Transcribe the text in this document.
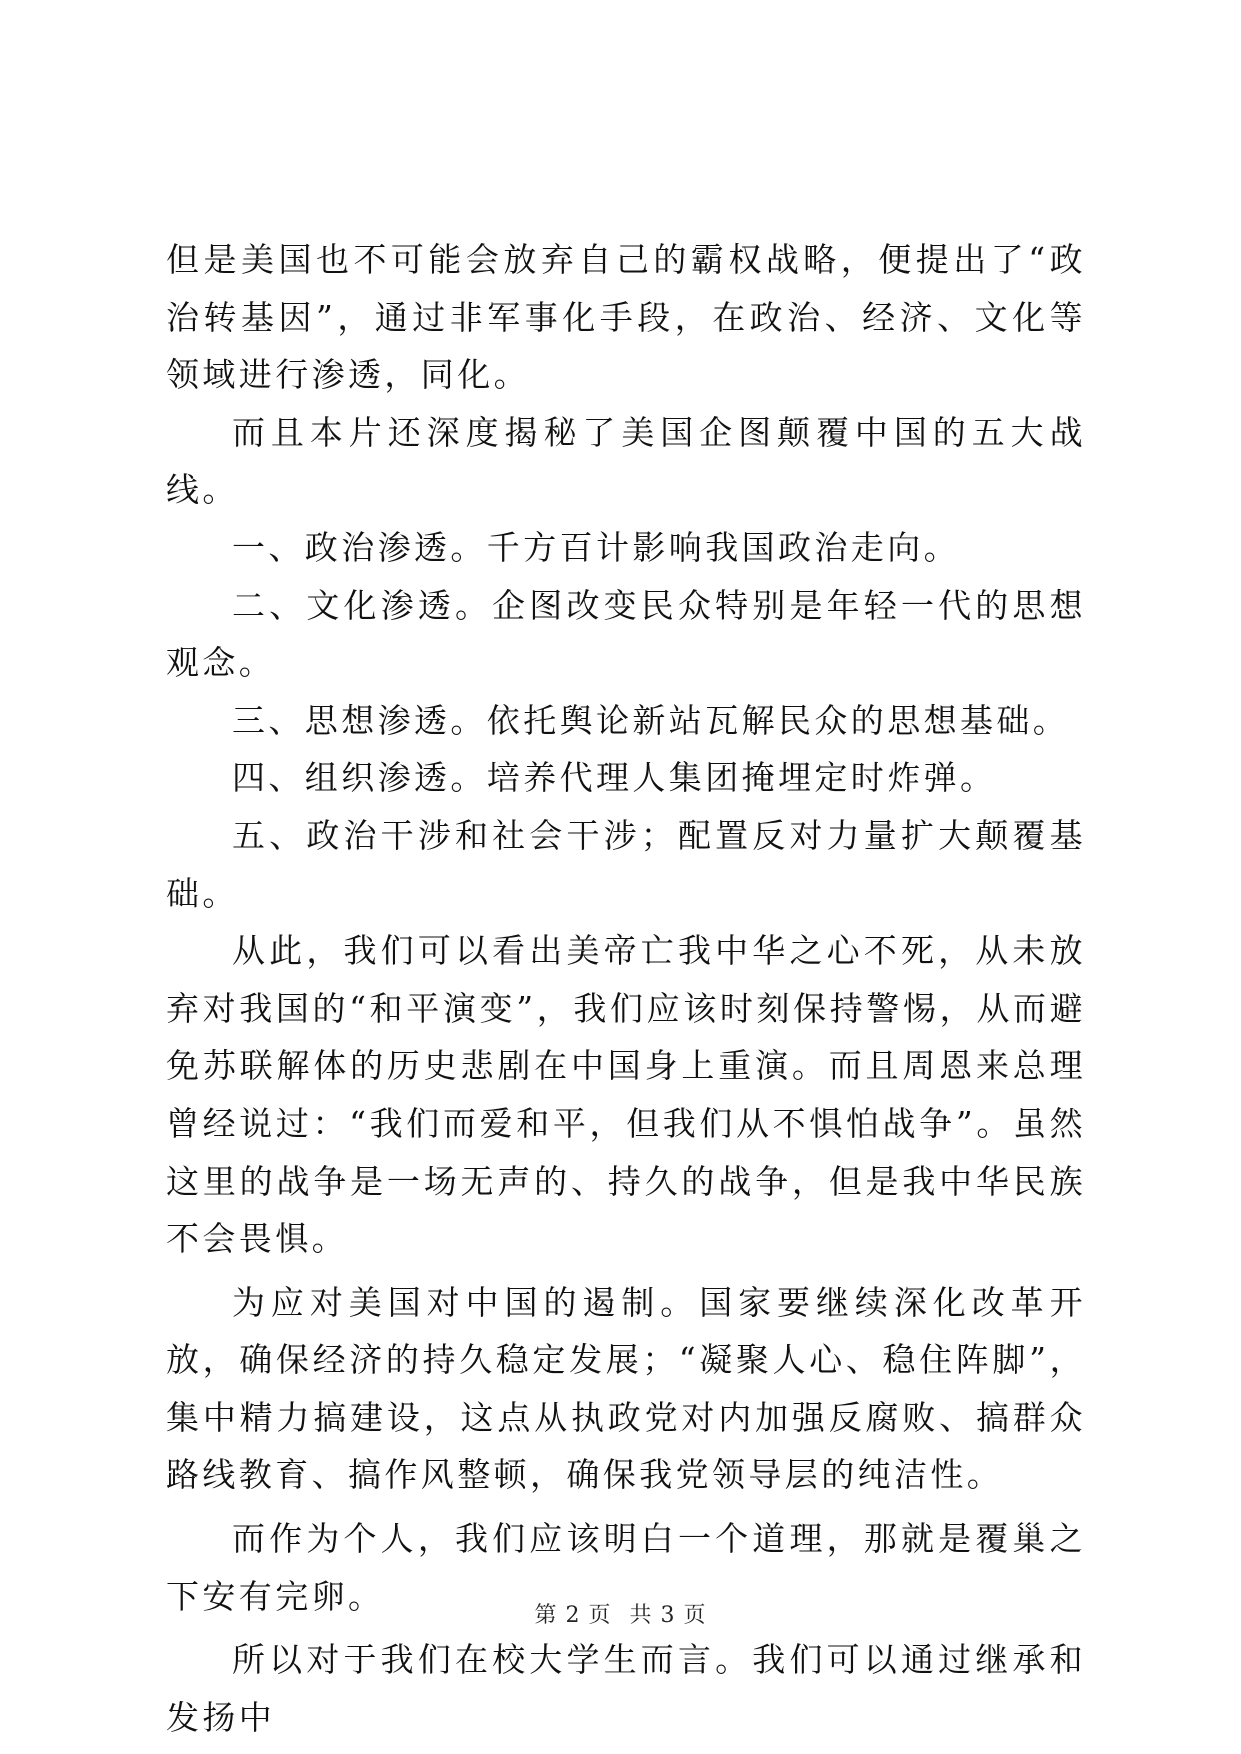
但是美国也不可能会放弃自己的霸权战略，便提出了“政治转基因”，通过非军事化手段，在政治、经济、文化等领域进行渗透，同化。

而且本片还深度揭秘了美国企图颠覆中国的五大战线。

一、政治渗透。千方百计影响我国政治走向。

二、文化渗透。企图改变民众特别是年轻一代的思想观念。

三、思想渗透。依托舆论新站瓦解民众的思想基础。

四、组织渗透。培养代理人集团掩埋定时炸弹。

五、政治干涉和社会干涉；配置反对力量扩大颠覆基础。

从此，我们可以看出美帝亡我中华之心不死，从未放弃对我国的“和平演变”，我们应该时刻保持警惕，从而避免苏联解体的历史悲剧在中国身上重演。而且周恩来总理曾经说过：“我们而爱和平，但我们从不惧怕战争”。虽然这里的战争是一场无声的、持久的战争，但是我中华民族不会畏惧。

为应对美国对中国的遏制。国家要继续深化改革开放，确保经济的持久稳定发展；“凝聚人心、稳住阵脚”，集中精力搞建设，这点从执政党对内加强反腐败、搞群众路线教育、搞作风整顿，确保我党领导层的纯洁性。

而作为个人，我们应该明白一个道理，那就是覆巢之下安有完卵。

所以对于我们在校大学生而言。我们可以通过继承和发扬中

第 2 页 共 3 页
